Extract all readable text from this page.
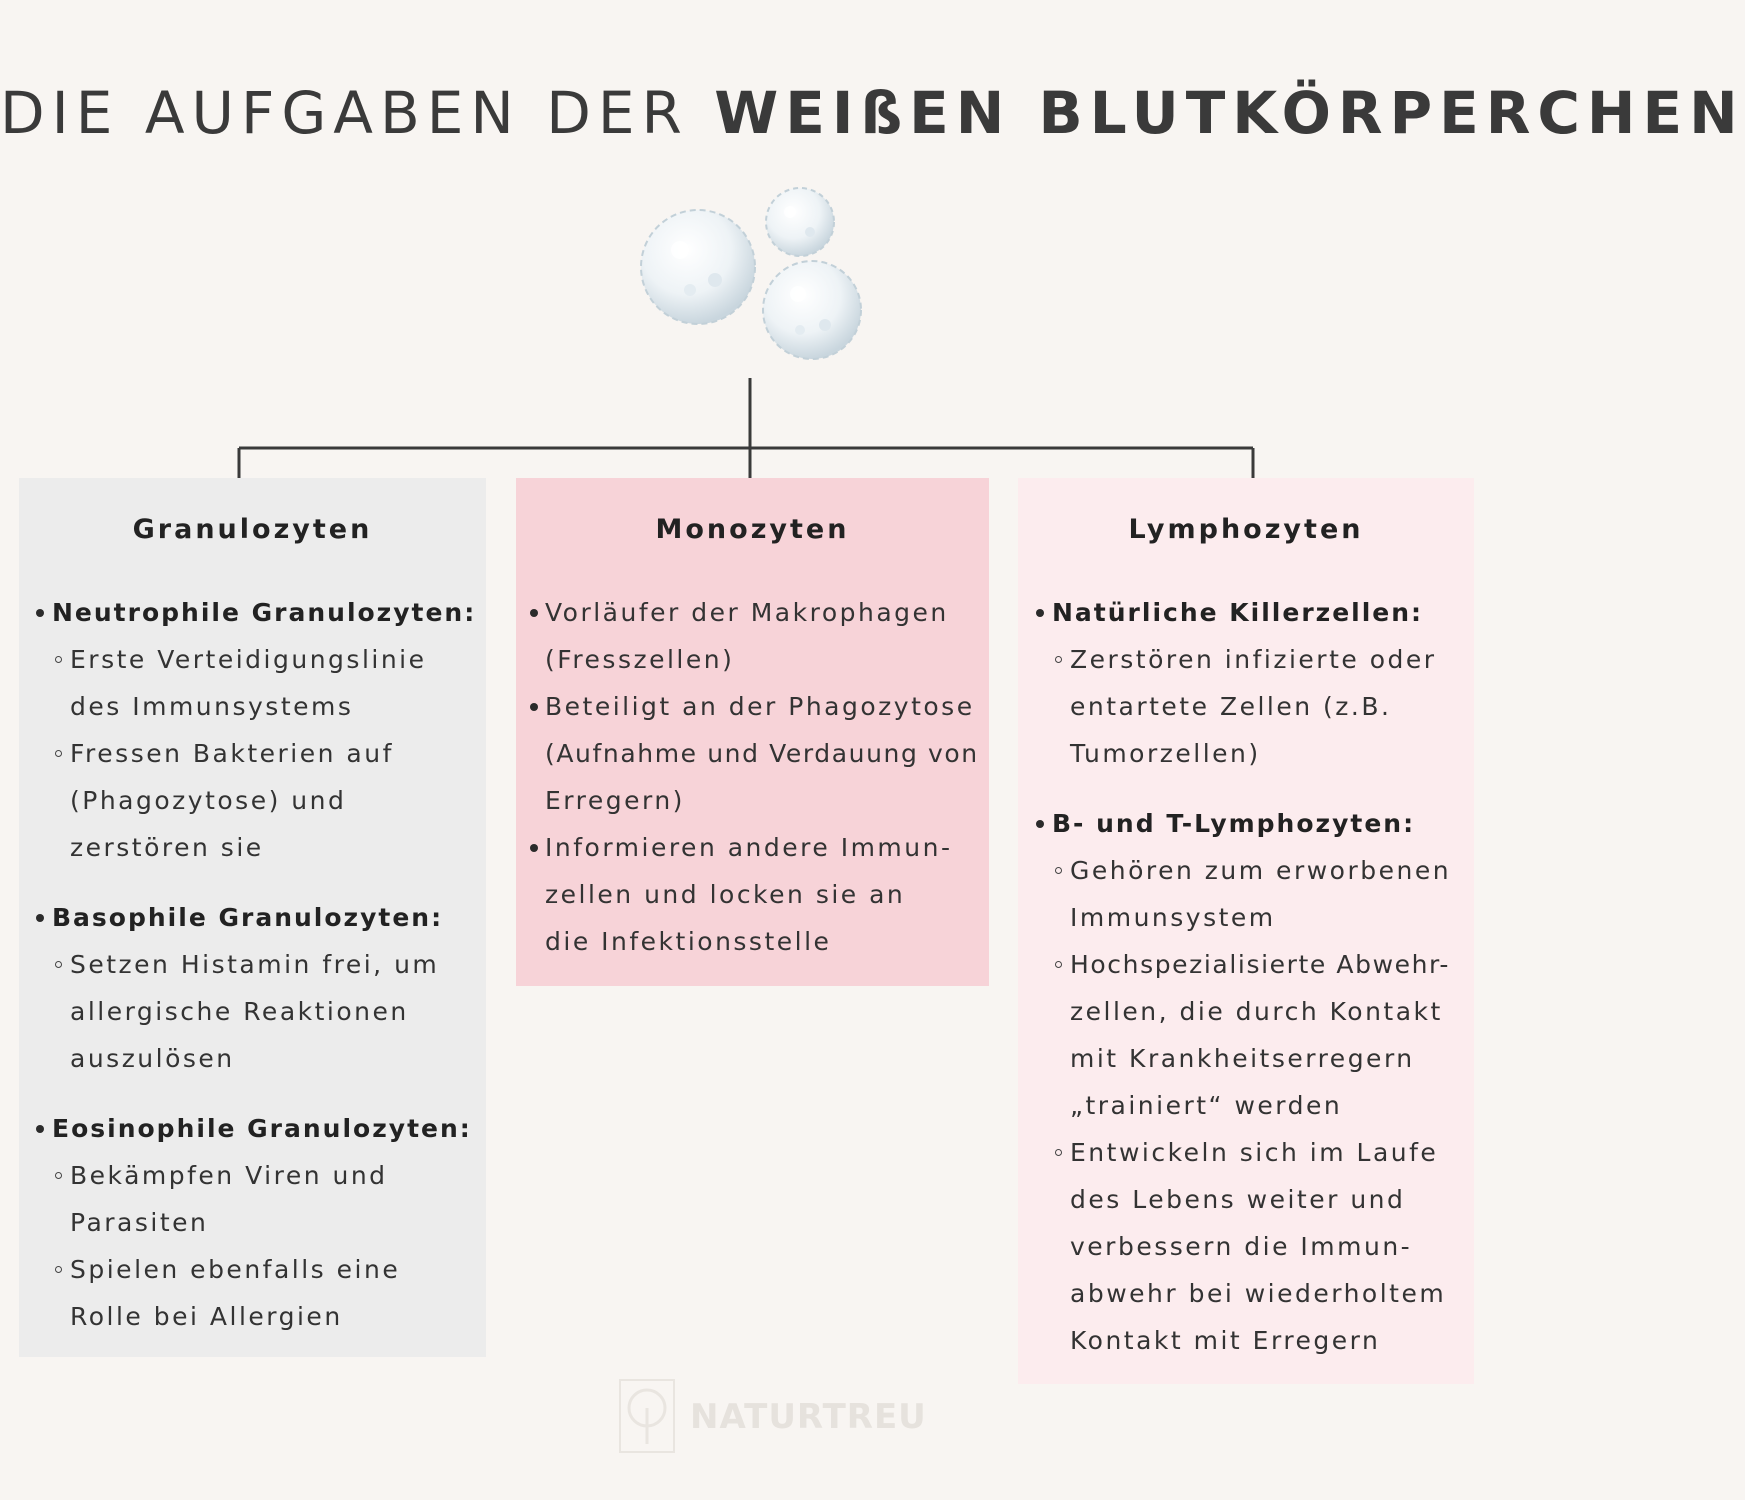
DIE AUFGABEN DER WEIßEN BLUTKÖRPERCHEN
Granulozyten	Monozyten	Lymphozyten
Neutrophile Granulozyten:
Erste Verteidigungslinie
des Immunsystems
Fressen Bakterien auf
(Phagozytose) und
zerstören sie
Basophile Granulozyten:
Setzen Histamin frei, um
allergische Reaktionen
auszulösen
Eosinophile Granulozyten:
Bekämpfen Viren und
Parasiten
Spielen ebenfalls eine
Rolle bei Allergien
Vorläufer der Makrophagen
(Fresszellen)
Beteiligt an der Phagozytose
(Aufnahme und Verdauung von
Erregern)
Informieren andere Immun-
zellen und locken sie an
die Infektionsstelle
Natürliche Killerzellen:
Zerstören infizierte oder
entartete Zellen (z.B.
Tumorzellen)
B- und T-Lymphozyten:
Gehören zum erworbenen
Immunsystem
Hochspezialisierte Abwehr-
zellen, die durch Kontakt
mit Krankheitserregern
„trainiert“ werden
Entwickeln sich im Laufe
des Lebens weiter und
verbessern die Immun-
abwehr bei wiederholtem
Kontakt mit Erregern
NATURTREU
